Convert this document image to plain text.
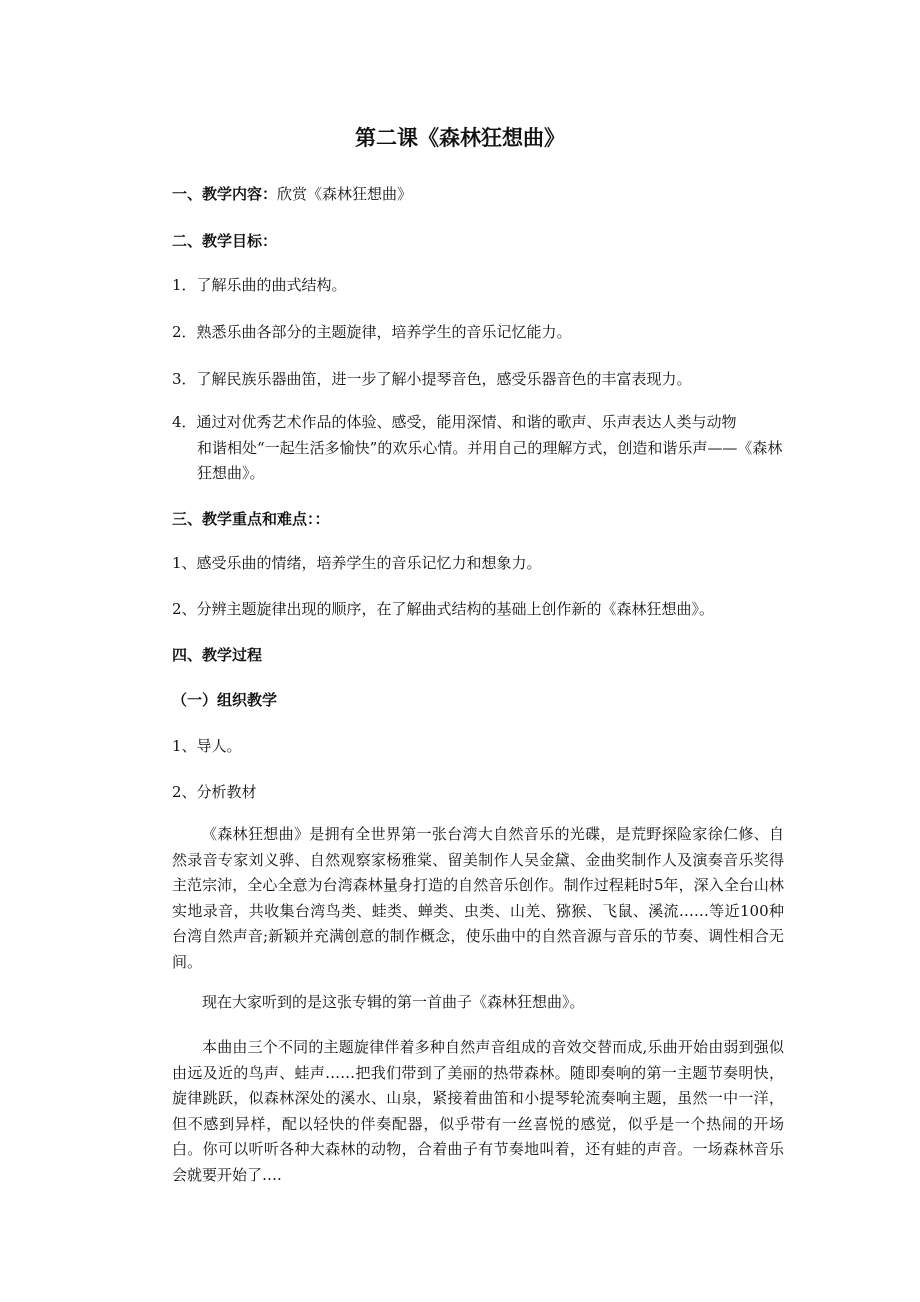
第二课《森林狂想曲》
一、教学内容：欣赏《森林狂想曲》
二、教学目标：
1．了解乐曲的曲式结构。
2．熟悉乐曲各部分的主题旋律，培养学生的音乐记忆能力。
3．了解民族乐器曲笛，进一步了解小提琴音色，感受乐器音色的丰富表现力。
4．通过对优秀艺术作品的体验、感受，能用深情、和谐的歌声、乐声表达人类与动物
和谐相处“一起生活多愉快”的欢乐心情。并用自己的理解方式，创造和谐乐声——《森林狂想曲》。
三、教学重点和难点：：
1、感受乐曲的情绪，培养学生的音乐记忆力和想象力。
2、分辨主题旋律出现的顺序，在了解曲式结构的基础上创作新的《森林狂想曲》。
四、教学过程
（一）组织教学
1、导人。
2、分析教材
《森林狂想曲》是拥有全世界第一张台湾大自然音乐的光碟，是荒野探险家徐仁修、自然录音专家刘义骅、自然观察家杨雅棠、留美制作人吴金黛、金曲奖制作人及演奏音乐奖得主范宗沛，全心全意为台湾森林量身打造的自然音乐创作。制作过程耗时5年，深入全台山林实地录音，共收集台湾鸟类、蛙类、蝉类、虫类、山羌、猕猴、飞鼠、溪流……等近100种台湾自然声音;新颖并充满创意的制作概念，使乐曲中的自然音源与音乐的节奏、调性相合无间。
现在大家听到的是这张专辑的第一首曲子《森林狂想曲》。
本曲由三个不同的主题旋律伴着多种自然声音组成的音效交替而成,乐曲开始由弱到强似由远及近的鸟声、蛙声……把我们带到了美丽的热带森林。随即奏响的第一主题节奏明快，旋律跳跃，似森林深处的溪水、山泉，紧接着曲笛和小提琴轮流奏响主题，虽然一中一洋，但不感到异样，配以轻快的伴奏配器，似乎带有一丝喜悦的感觉，似乎是一个热闹的开场白。你可以听听各种大森林的动物，合着曲子有节奏地叫着，还有蛙的声音。一场森林音乐会就要开始了….
